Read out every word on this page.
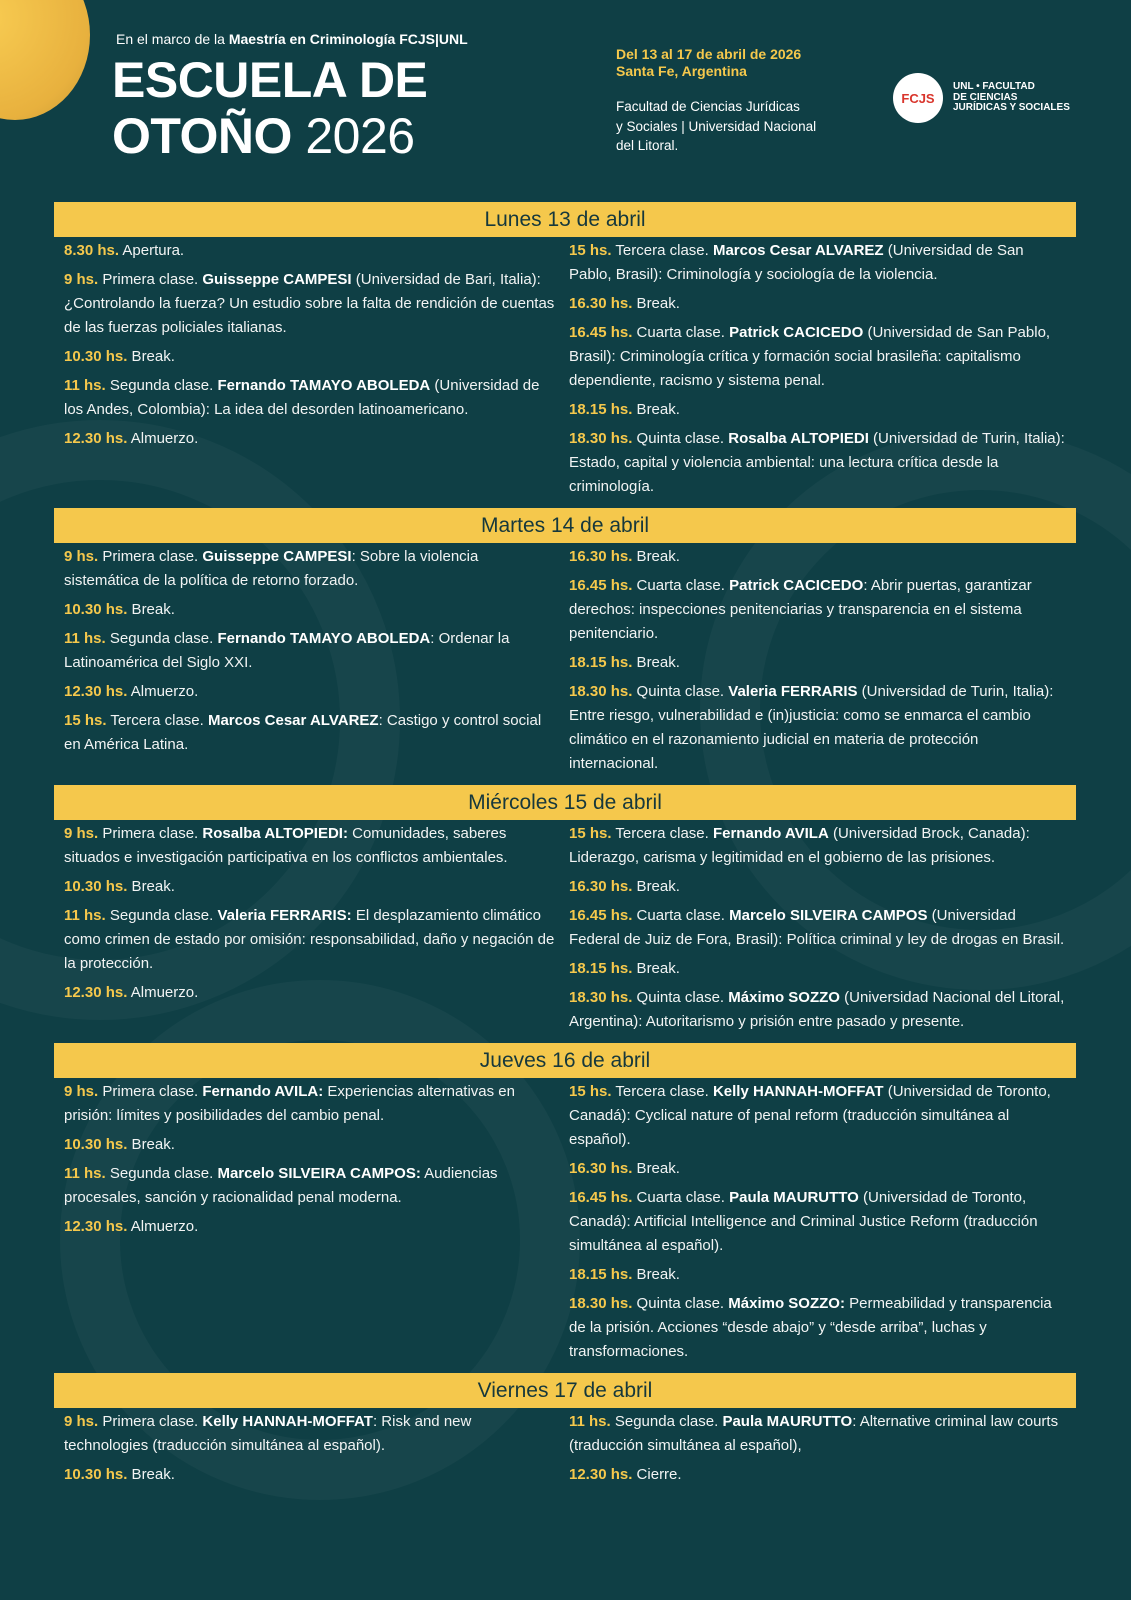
En el marco de la Maestría en Criminología FCJS|UNL
ESCUELA DE
OTOÑO 2026
Del 13 al 17 de abril de 2026
Santa Fe, Argentina
Facultad de Ciencias Jurídicas
y Sociales | Universidad Nacional
del Litoral.
FCJS
UNL • FACULTAD
DE CIENCIAS
JURÍDICAS Y SOCIALES
Lunes 13 de abril
8.30 hs. Apertura.
9 hs. Primera clase. Guisseppe CAMPESI (Universidad de Bari, Italia): ¿Controlando la fuerza? Un estudio sobre la falta de rendición de cuentas de las fuerzas policiales italianas.
10.30 hs. Break.
11 hs. Segunda clase. Fernando TAMAYO ABOLEDA (Universidad de los Andes, Colombia): La idea del desorden latinoamericano.
12.30 hs. Almuerzo.
15 hs. Tercera clase. Marcos Cesar ALVAREZ (Universidad de San Pablo, Brasil): Criminología y sociología de la violencia.
16.30 hs. Break.
16.45 hs. Cuarta clase. Patrick CACICEDO (Universidad de San Pablo, Brasil): Criminología crítica y formación social brasileña: capitalismo dependiente, racismo y sistema penal.
18.15 hs. Break.
18.30 hs. Quinta clase. Rosalba ALTOPIEDI (Universidad de Turin, Italia): Estado, capital y violencia ambiental: una lectura crítica desde la criminología.
Martes 14 de abril
9 hs. Primera clase. Guisseppe CAMPESI: Sobre la violencia sistemática de la política de retorno forzado.
10.30 hs. Break.
11 hs. Segunda clase. Fernando TAMAYO ABOLEDA: Ordenar la Latinoamérica del Siglo XXI.
12.30 hs. Almuerzo.
15 hs. Tercera clase. Marcos Cesar ALVAREZ: Castigo y control social en América Latina.
16.30 hs. Break.
16.45 hs. Cuarta clase. Patrick CACICEDO: Abrir puertas, garantizar derechos: inspecciones penitenciarias y transparencia en el sistema penitenciario.
18.15 hs. Break.
18.30 hs. Quinta clase. Valeria FERRARIS (Universidad de Turin, Italia): Entre riesgo, vulnerabilidad e (in)justicia: como se enmarca el cambio climático en el razonamiento judicial en materia de protección internacional.
Miércoles 15 de abril
9 hs. Primera clase. Rosalba ALTOPIEDI: Comunidades, saberes situados e investigación participativa en los conflictos ambientales.
10.30 hs. Break.
11 hs. Segunda clase. Valeria FERRARIS: El desplazamiento climático como crimen de estado por omisión: responsabilidad, daño y negación de la protección.
12.30 hs. Almuerzo.
15 hs. Tercera clase. Fernando AVILA (Universidad Brock, Canada): Liderazgo, carisma y legitimidad en el gobierno de las prisiones.
16.30 hs. Break.
16.45 hs. Cuarta clase. Marcelo SILVEIRA CAMPOS (Universidad Federal de Juiz de Fora, Brasil): Política criminal y ley de drogas en Brasil.
18.15 hs. Break.
18.30 hs. Quinta clase. Máximo SOZZO (Universidad Nacional del Litoral, Argentina): Autoritarismo y prisión entre pasado y presente.
Jueves 16 de abril
9 hs. Primera clase. Fernando AVILA: Experiencias alternativas en prisión: límites y posibilidades del cambio penal.
10.30 hs. Break.
11 hs. Segunda clase. Marcelo SILVEIRA CAMPOS: Audiencias procesales, sanción y racionalidad penal moderna.
12.30 hs. Almuerzo.
15 hs. Tercera clase. Kelly HANNAH-MOFFAT (Universidad de Toronto, Canadá): Cyclical nature of penal reform (traducción simultánea al español).
16.30 hs. Break.
16.45 hs. Cuarta clase. Paula MAURUTTO (Universidad de Toronto, Canadá): Artificial Intelligence and Criminal Justice Reform (traducción simultánea al español).
18.15 hs. Break.
18.30 hs. Quinta clase. Máximo SOZZO: Permeabilidad y transparencia de la prisión. Acciones “desde abajo” y “desde arriba”, luchas y transformaciones.
Viernes 17 de abril
9 hs. Primera clase. Kelly HANNAH-MOFFAT: Risk and new technologies (traducción simultánea al español).
10.30 hs. Break.
11 hs. Segunda clase. Paula MAURUTTO: Alternative criminal law courts (traducción simultánea al español),
12.30 hs. Cierre.
